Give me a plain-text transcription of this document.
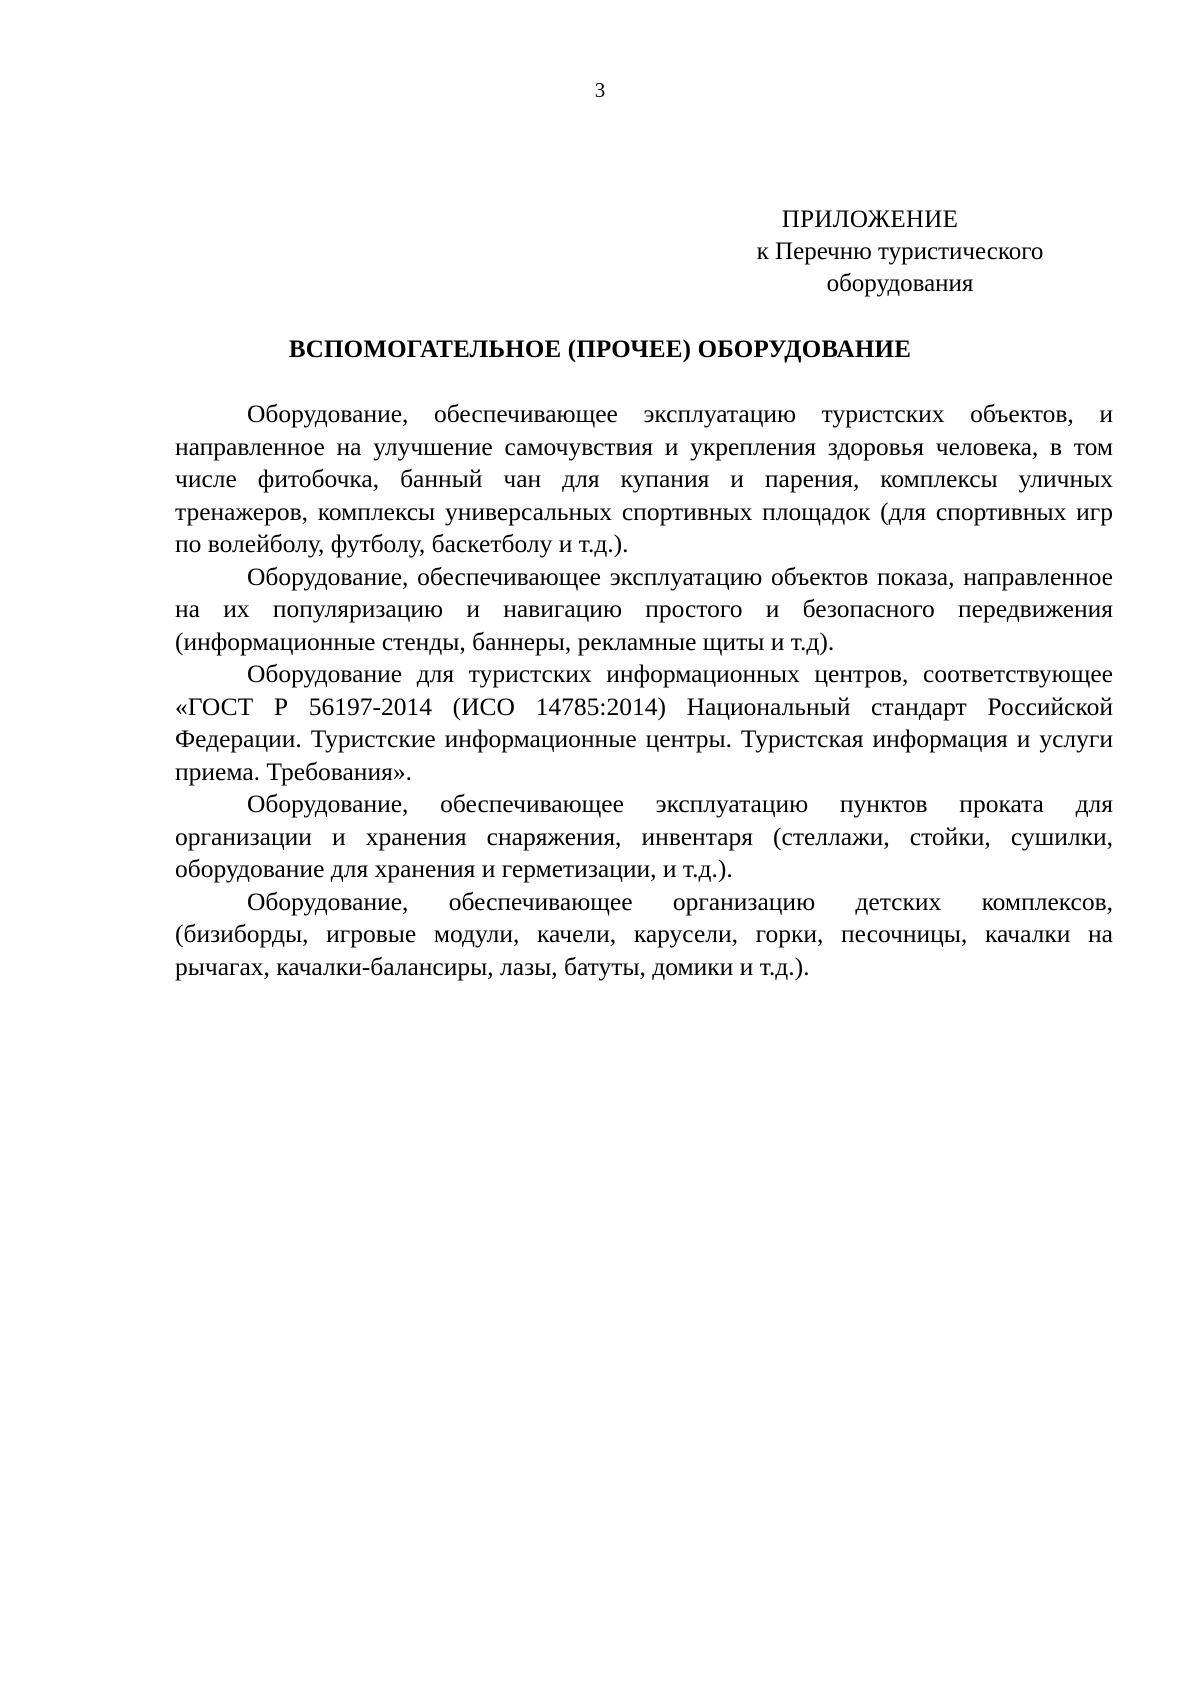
3
ПРИЛОЖЕНИЕ
к Перечню туристического
оборудования
ВСПОМОГАТЕЛЬНОЕ (ПРОЧЕЕ) ОБОРУДОВАНИЕ

Оборудование, обеспечивающее эксплуатацию туристских объектов, и направленное на улучшение самочувствия и укрепления здоровья человека, в том числе фитобочка, банный чан для купания и парения, комплексы уличных тренажеров, комплексы универсальных спортивных площадок (для спортивных игр по волейболу, футболу, баскетболу и т.д.).

Оборудование, обеспечивающее эксплуатацию объектов показа, направленное на их популяризацию и навигацию простого и безопасного передвижения (информационные стенды, баннеры, рекламные щиты и т.д).

Оборудование для туристских информационных центров, соответствующее «ГОСТ Р 56197-2014 (ИСО 14785:2014) Национальный стандарт Российской Федерации. Туристские информационные центры. Туристская информация и услуги приема. Требования».

Оборудование, обеспечивающее эксплуатацию пунктов проката для организации и хранения снаряжения, инвентаря (стеллажи, стойки, сушилки, оборудование для хранения и герметизации, и т.д.).

Оборудование, обеспечивающее организацию детских комплексов, (бизиборды, игровые модули, качели, карусели, горки, песочницы, качалки на рычагах, качалки-балансиры, лазы, батуты, домики и т.д.).
